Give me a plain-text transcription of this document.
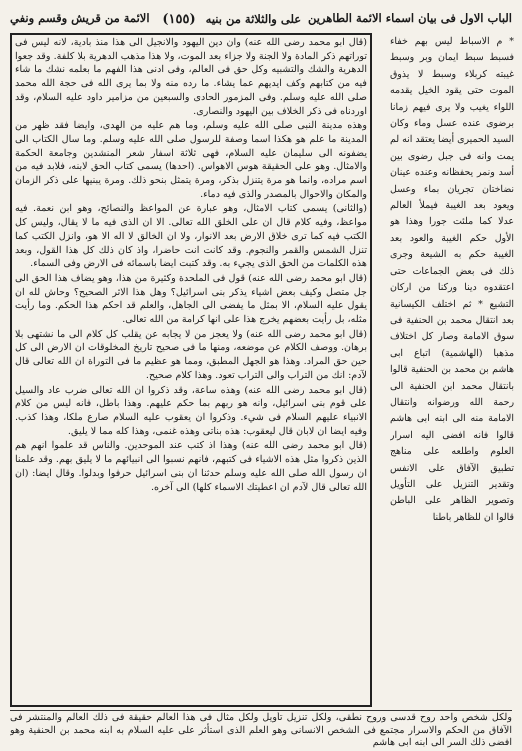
الباب الاول فى بيان اسماء الائمة الطاهرين
على والثلاثة من بنيه (١٥٥)
الائمة من قريش وقسم ونفي

* م الاسباط ليس بهم خفاء فسبط سبط ايمان وبر وسبط غيبته كربلاء وسبط لا يذوق الموت حتى يقود الخيل يقدمه اللواء يغيب ولا يرى فيهم زمانا برضوى عنده عسل وماء وكان السيد الحميرى أيضا يعتقد انه لم يمت وانه فى جبل رضوى بين أسد ونمر يحفظانه وعنده عينان نضاختان تجريان بماء وعسل ويعود بعد الغيبة فيملأ العالم عدلا كما ملئت جورا وهذا هو الأول حكم الغيبة والعود بعد الغيبة حكم به الشيعة وجرى ذلك فى بعض الجماعات حتى اعتقدوه دينا وركنا من اركان التشيع * ثم اختلف الكيسانية بعد انتقال محمد بن الحنفية فى سوق الامامة وصار كل اختلاف مذهبا (الهاشمية) اتباع ابى هاشم بن محمد بن الحنفية قالوا بانتقال محمد ابن الحنفية الى رحمة الله ورضوانه وانتقال الامامة منه الى ابنه ابى هاشم قالوا فانه افضى اليه اسرار العلوم واطلعه على مناهج تطبيق الآفاق على الانفس وتقدير التنزيل على التأويل وتصوير الظاهر على الباطن قالوا ان للظاهر باطنا

(قال ابو محمد رضى الله عنه) وان دين اليهود والانجيل الى هذا منذ بادية، لانه ليس فى توراتهم ذكر المادة ولا الجنة ولا جزاء بعد الموت، ولا هذا مذهب الدهرية بلا كلفة. وقد جعوا الدهرية والشك والتشبيه وكل حق فى العالم، وفى ادنى هذا الفهم ما بعلمه نشك ما شاء فيه من كتابهم وكف ايديهم عما يشاء. ما رده منه ولا بما يرى الله فى حجة الله محمد صلى الله عليه وسلم. وفى المزمور الحادى والسبعين من مزامير داود عليه السلام، وقد اوردناه فى ذكر الخلاف بين اليهود والنصارى.

وهذه مدينة النبى صلى الله عليه وسلم، وما هم عليه من الهدى، وايضا فقد ظهر من المدينة ما علم هو هكذا اسما وصفة للرسول صلى الله عليه وسلم. وما سال الكتاب الى يضفونه الى سليمان عليه السلام، فهى ثلاثة اسفار شعر المنشدين وجامعة الحكمة والامثال. وهو على الحقيقة هوس الاهواس. (احدها) يسمى كتاب الحق لابنه، فلابد فيه من اسم مراده، وانما هو مرة يتنزل بذكر، ومرة يتمثل بنحو ذلك. ومرة يبنيها على ذكر الزمان والمكان والاحوال بالمصدر والذى فيه دماء.

(والثانى) يسمى كتاب الامثال، وهو عبارة عن المواعظ والنصائح، وهو ابن نعمة. فيه مواعظ، وفيه كلام قال ان على الخلق الله تعالى. الا ان الذى فيه ما لا يقال، وليس كل الكتب فيه كما ترى خلاق الارض بعد الانوار، ولا ان الخالق لا اله الا هو، وانزل الكتب كما تنزل الشمس والقمر والنجوم. وقد كانت انت حاضرا، واذ كان ذلك كل هذا القول، وبعد هذه الكلمات من الحق الذى يجيء به. وقد كتبت ايضا باسمائه فى الارض وفى السماء.

(قال ابو محمد رضى الله عنه) قول فى الملحدة وكثيرة من هذا، وهو يضاف هذا الحق الى جل متصل وكيف بعض اشياء يذكر بنى اسرائيل؟ وهل هذا الاثر الصحيح؟ وحاش لله ان يقول عليه السلام، الا بمثل ما يفضى الى الجاهل، والعلم قد احكم هذا الحكم. وما رأيت مثله، بل رأيت بعضهم يخرج هذا على انها كرامة من الله تعالى.

(قال ابو محمد رضى الله عنه) ولا يعجز من لا يجابه عن يقلب كل كلام الى ما نشتهى بلا برهان. ووصف الكلام عن موضعه، ومنها ما فى صحيح تاريخ المخلوقات ان الارض الى كل حين حق المراد. وهذا هو الجهل المطبق، ومما هو عظيم ما فى التوراة ان الله تعالى قال لآدم: انك من التراب والى التراب تعود. وهذا كلام صحيح.

(قال ابو محمد رضى الله عنه) وهذه ساعة، وقد ذكروا ان الله تعالى ضرب عاد والسيل على قوم بنى اسرائيل، وانه هو ربهم بما حكم عليهم. وهذا باطل، فانه ليس من كلام الانبياء عليهم السلام فى شيء. وذكروا ان يعقوب عليه السلام صارع ملكا، وهذا كذب. وفيه ايضا ان لابان قال ليعقوب: هذه بناتى وهذه غنمى، وهذا كله مما لا يليق.

(قال ابو محمد رضى الله عنه) وهذا اذ كتب عند الموحدين. والناس قد علموا انهم هم الذين ذكروا مثل هذه الاشياء فى كتبهم، فانهم نسبوا الى انبيائهم ما لا يليق بهم. وقد علمنا ان رسول الله صلى الله عليه وسلم حدثنا ان بنى اسرائيل حرفوا وبدلوا. وقال ايضا: (ان الله تعالى قال لآدم ان اعطيتك الاسماء كلها) الى آخره.

ولكل شخص واحد روح قدسى وروح نطقى، ولكل تنزيل تأويل ولكل مثال فى هذا العالم حقيقة فى ذلك العالم والمنتشر فى الآفاق من الحكم والاسرار مجتمع فى الشخص الانسانى وهو العلم الذى استأثر على عليه السلام به ابنه محمد بن الحنفية وهو افضى ذلك السر الى ابنه ابى هاشم
